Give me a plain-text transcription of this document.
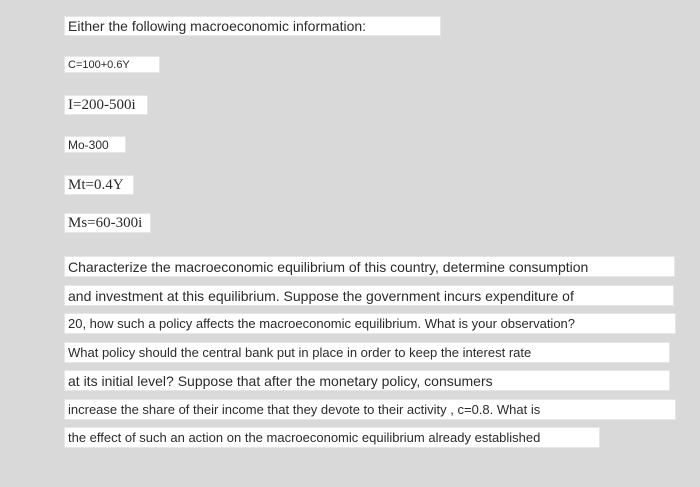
Either the following macroeconomic information:
C=100+0.6Y
I=200-500i
Mo-300
Mt=0.4Y
Ms=60-300i
Characterize the macroeconomic equilibrium of this country, determine consumption
and investment at this equilibrium. Suppose the government incurs expenditure of
20, how such a policy affects the macroeconomic equilibrium. What is your observation?
What policy should the central bank put in place in order to keep the interest rate
at its initial level? Suppose that after the monetary policy, consumers
increase the share of their income that they devote to their activity , c=0.8. What is
the effect of such an action on the macroeconomic equilibrium already established
